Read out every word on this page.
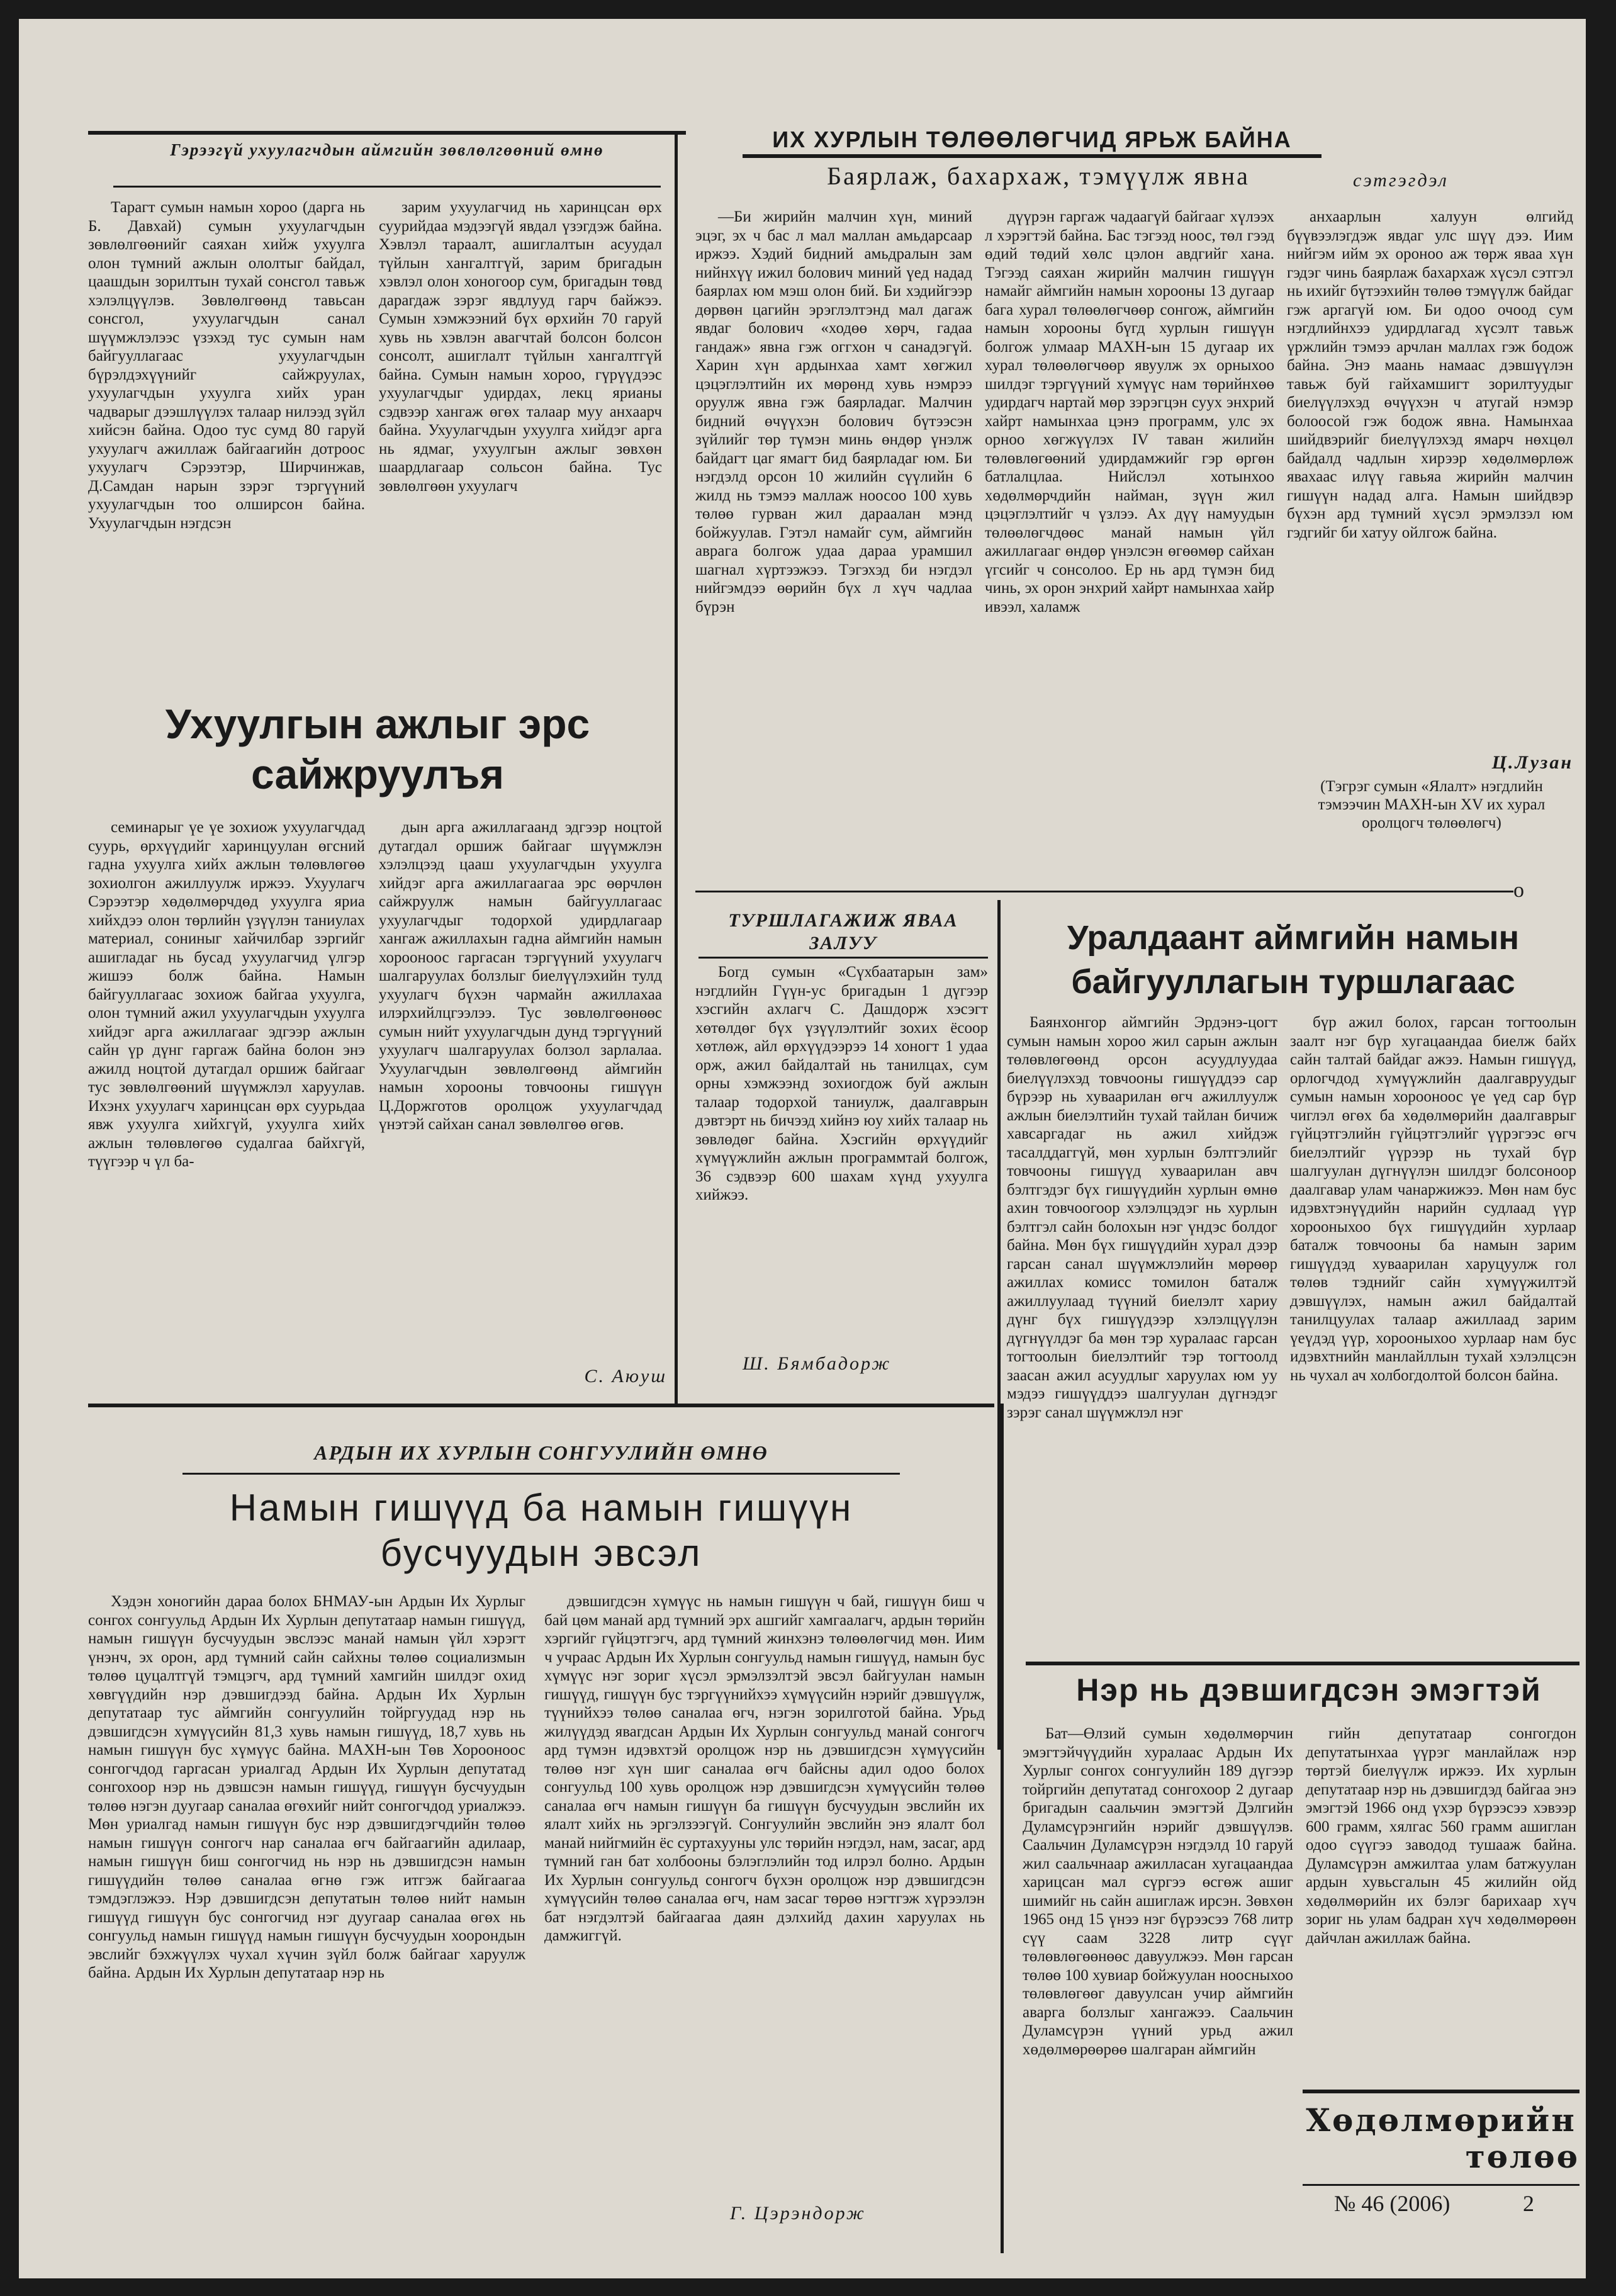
Гэрээгүй ухуулагчдын аймгийн зөвлөлгөөний өмнө

Тарагт сумын намын хороо (дарга нь Б. Давхай) сумын ухуулагчдын зөвлөлгөөнийг саяхан хийж ухуулга олон түмний ажлын ололтыг байдал, цаашдын зорилтын тухай сонсгол тавьж хэлэлцүүлэв. Зөвлөлгөөнд тавьсан сонсгол, ухуулагчдын санал шүүмжлэлээс үзэхэд тус сумын нам байгууллагаас ухуулагчдын бүрэлдэхүүнийг сайжруулах, ухуулагчдын ухуулга хийх уран чадварыг дээшлүүлэх талаар нилээд зүйл хийсэн байна. Одоо тус сумд 80 гаруй ухуулагч ажиллаж байгаагийн дотроос ухуулагч Сэрээтэр, Ширчинжав, Д.Самдан нарын зэрэг тэргүүний ухуулагчдын тоо олширсон байна. Ухуулагчдын нэгдсэн

зарим ухуулагчид нь харинцсан өрх суурийдаа мэдээгүй явдал үзэгдэж байна. Хэвлэл тараалт, ашиглалтын асуудал түйлын хангалтгүй, зарим бригадын хэвлэл олон хоногоор сум, бригадын төвд дарагдаж зэрэг явдлууд гарч байжээ. Сумын хэмжээний бүх өрхийн 70 гаруй хувь нь хэвлэн авагчтай болсон болсон сонсолт, ашиглалт түйлын хангалтгүй байна. Сумын намын хороо, гүрүүдээс ухуулагчдыг удирдах, лекц ярианы сэдвээр хангаж өгөх талаар муу анхаарч байна. Ухуулагчдын ухуулга хийдэг арга нь ядмаг, ухуулгын ажлыг зөвхөн шаардлагаар сольсон байна. Тус зөвлөлгөөн ухуулагч

Ухуулгын ажлыг эрс сайжруулъя

семинарыг үе үе зохиож ухуулагчдад суурь, өрхүүдийг харинцуулан өгсний гадна ухуулга хийх ажлын төлөвлөгөө зохиолгон ажиллуулж иржээ. Ухуулагч Сэрээтэр хөдөлмөрчдөд ухуулга яриа хийхдээ олон төрлийн үзүүлэн таниулах материал, сониныг хайчилбар зэргийг ашигладаг нь бусад ухуулагчид үлгэр жишээ болж байна. Намын байгууллагаас зохиож байгаа ухуулга, олон түмний ажил ухуулагчдын ухуулга хийдэг арга ажиллагааг эдгээр ажлын сайн үр дүнг гаргаж байна болон энэ ажилд ноцтой дутагдал оршиж байгааг тус зөвлөлгөөний шүүмжлэл харуулав. Ихэнх ухуулагч харинцсан өрх суурьдаа явж ухуулга хийхгүй, ухуулга хийх ажлын төлөвлөгөө судалгаа байхгүй, түүгээр ч үл ба-

дын арга ажиллагаанд эдгээр ноцтой дутагдал оршиж байгааг шүүмжлэн хэлэлцээд цааш ухуулагчдын ухуулга хийдэг арга ажиллагаагаа эрс өөрчлөн сайжруулж намын байгууллагаас ухуулагчдыг тодорхой удирдлагаар хангаж ажиллахын гадна аймгийн намын хорооноос гаргасан тэргүүний ухуулагч шалгаруулах болзлыг биелүүлэхийн тулд ухуулагч бүхэн чармайн ажиллахаа илэрхийлцгээлээ. Тус зөвлөлгөөнөөс сумын нийт ухуулагчдын дунд тэргүүний ухуулагч шалгаруулах болзол зарлалаа. Ухуулагчдын зөвлөлгөөнд аймгийн намын хорооны товчооны гишүүн Ц.Доржготов оролцож ухуулагчдад үнэтэй сайхан санал зөвлөлгөө өгөв.

С. Аюуш
ИХ ХУРЛЫН ТӨЛӨӨЛӨГЧИД ЯРЬЖ БАЙНА
Баярлаж, бахархаж, тэмүүлж явна	сэтгэгдэл

—Би жирийн малчин хүн, миний эцэг, эх ч бас л мал маллан амьдарсаар иржээ. Хэдий бидний амьдралын зам нийнхүү ижил болович миний үед надад баярлах юм мэш олон бий. Би хэдийгээр дөрвөн цагийн эрэглэлтэнд мал дагаж явдаг болович «ходөө хөрч, гадаа гандаж» явна гэж оггхон ч санадэгүй. Харин хүн ардынхаа хамт хөгжил цэцэглэлтийн их мөрөнд хувь нэмрээ оруулж явна гэж баярладаг. Малчин бидний өчүүхэн болович бүтээсэн зүйлийг төр түмэн минь өндөр үнэлж байдагт цаг ямагт бид баярладаг юм. Би нэгдэлд орсон 10 жилийн сүүлийн 6 жилд нь тэмээ маллаж ноосоо 100 хувь төлөө гурван жил дараалан мэнд бойжуулав. Гэтэл намайг сум, аймгийн аврага болгож удаа дараа урамшил шагнал хүртээжээ. Тэгэхэд би нэгдэл нийгэмдээ өөрийн бүх л хүч чадлаа бүрэн

дүүрэн гаргаж чадаагүй байгааг хүлээх л хэрэгтэй байна. Бас тэгээд ноос, төл гээд өдий төдий хөлс цэлон авдгийг хана. Тэгээд саяхан жирийн малчин гишүүн намайг аймгийн намын хорооны 13 дугаар бага хурал төлөөлөгчөөр сонгож, аймгийн намын хорооны бүгд хурлын гишүүн болгож улмаар МАХН-ын 15 дугаар их хурал төлөөлөгчөөр явуулж эх орныхоо шилдэг тэргүүний хүмүүс нам төрийнхөө удирдагч нартай мөр зэрэгцэн суух энхрий хайрт намынхаа цэнэ программ, улс эх орноо хөгжүүлэх IV таван жилийн төлөвлөгөөний удирдамжийг гэр өргөн батлалцлаа. Нийслэл хотынхоо хөдөлмөрчдийн найман, зүүн жил цэцэглэлтийг ч үзлээ. Ах дүү намуудын төлөөлөгчдөөс манай намын үйл ажиллагааг өндөр үнэлсэн өгөөмөр сайхан үгсийг ч сонсолоо. Ер нь ард түмэн бид чинь, эх орон энхрий хайрт намынхаа хайр ивээл, халамж

анхаарлын халуун өлгийд бүүвээлэгдэж явдаг улс шүү дээ. Иим нийгэм ийм эх ороноо аж төрж яваа хүн гэдэг чинь баярлаж бахархаж хүсэл сэтгэл нь ихийг бүтээхийн төлөө тэмүүлж байдаг гэж аргагүй юм. Би одоо очоод сум нэгдлийнхээ удирдлагад хүсэлт тавьж үржлийн тэмээ арчлан маллах гэж бодож байна. Энэ маань намаас дэвшүүлэн тавьж буй гайхамшигт зорилтуудыг биелүүлэхэд өчүүхэн ч атугай нэмэр болоосой гэж бодож явна. Намынхаа шийдвэрийг биелүүлэхэд ямарч нөхцөл байдалд чадлын хирээр хөдөлмөрлөж явахаас илүү гавьяа жирийн малчин гишүүн надад алга. Намын шийдвэр бүхэн ард түмний хүсэл эрмэлзэл юм гэдгийг би хатуу ойлгож байна.

Ц.Лузан
(Тэгрэг сумын «Ялалт» нэгдлийн тэмээчин МАХН-ын XV их хурал оролцогч төлөөлөгч)
o
ТУРШЛАГАЖИЖ ЯВАА ЗАЛУУ

Богд сумын «Сүхбаатарын зам» нэгдлийн Гүүн-ус бригадын 1 дүгээр хэсгийн ахлагч С. Дашдорж хэсэгт хөтөлдөг бүх үзүүлэлтийг зохих ёсоор хөтлөж, айл өрхүүдээрээ 14 хоногт 1 удаа орж, ажил байдалтай нь танилцах, сум орны хэмжээнд зохиогдож буй ажлын талаар тодорхой таниулж, даалгаврын дэвтэрт нь бичээд хийнэ юу хийх талаар нь зөвлөдөг байна. Хэсгийн өрхүүдийг хүмүүжлийн ажлын программтай болгож, 36 сэдвээр 600 шахам хүнд ухуулга хийжээ.

Ш. Бямбадорж
Уралдаант аймгийн намын байгууллагын туршлагаас

Баянхонгор аймгийн Эрдэнэ-цогт сумын намын хороо жил сарын ажлын төлөвлөгөөнд орсон асуудлуудаа биелүүлэхэд товчооны гишүүддээ сар бүрээр нь хуваарилан өгч ажиллуулж ажлын биелэлтийн тухай тайлан бичиж хавсаргадаг нь ажил хийдэж тасалддаггүй, мөн хурлын бэлтгэлийг товчооны гишүүд хуваарилан авч бэлтгэдэг бүх гишүүдийн хурлын өмнө ахин товчоогоор хэлэлцэдэг нь хурлын бэлтгэл сайн болохын нэг үндэс болдог байна. Мөн бүх гишүүдийн хурал дээр гарсан санал шүүмжлэлийн мөрөөр ажиллах комисс томилон баталж ажиллуулаад түүний биелэлт хариу дүнг бүх гишүүдээр хэлэлцүүлэн дүгнүүлдэг ба мөн тэр хуралаас гарсан тогтоолын биелэлтийг тэр тогтоолд заасан ажил асуудлыг харуулах юм уу мэдээ гишүүддээ шалгуулан дүгнэдэг зэрэг санал шүүмжлэл нэг

бүр ажил болох, гарсан тогтоолын заалт нэг бүр хугацаандаа биелж байх сайн талтай байдаг ажээ. Намын гишүүд, орлогчдод хүмүүжлийн даалгавруудыг сумын намын хорооноос үе үед сар бүр чиглэл өгөх ба хөдөлмөрийн даалгаврыг гүйцэтгэлийн гүйцэтгэлийг үүрэгээс өгч биелэлтийг үүрээр нь тухай бүр шалгуулан дүгнүүлэн шилдэг болсоноор даалгавар улам чанаржижээ. Мөн нам бус идэвхтэнүүдийн нарийн судлаад үүр хорооныхоо бүх гишүүдийн хурлаар баталж товчооны ба намын зарим гишүүдэд хуваарилан харуцуулж гол төлөв тэднийг сайн хүмүүжилтэй дэвшүүлэх, намын ажил байдалтай танилцуулах талаар ажиллаад зарим үеүдэд үүр, хорооныхоо хурлаар нам бус идэвхтнийн манлайллын тухай хэлэлцсэн нь чухал ач холбогдолтой болсон байна.

АРДЫН ИХ ХУРЛЫН СОНГУУЛИЙН ӨМНӨ
Намын гишүүд ба намын гишүүн бусчуудын эвсэл

Хэдэн хоногийн дараа болох БНМАУ-ын Ардын Их Хурлыг сонгох сонгуульд Ардын Их Хурлын депутатаар намын гишүүд, намын гишүүн бусчуудын эвслээс манай намын үйл хэрэгт үнэнч, эх орон, ард түмний сайн сайхны төлөө социализмын төлөө цуцалтгүй тэмцэгч, ард түмний хамгийн шилдэг охид хөвгүүдийн нэр дэвшигдээд байна. Ардын Их Хурлын депутатаар тус аймгийн сонгуулийн тойргуудад нэр нь дэвшигдсэн хүмүүсийн 81,3 хувь намын гишүүд, 18,7 хувь нь намын гишүүн бус хүмүүс байна. МАХН-ын Төв Хорооноос сонгогчдод гаргасан уриалгад Ардын Их Хурлын депутатад сонгохоор нэр нь дэвшсэн намын гишүүд, гишүүн бусчуудын төлөө нэгэн дуугаар саналаа өгөхийг нийт сонгогчдод уриалжээ. Мөн уриалгад намын гишүүн бус нэр дэвшигдэгчдийн төлөө намын гишүүн сонгогч нар саналаа өгч байгаагийн адилаар, намын гишүүн биш сонгогчид нь нэр нь дэвшигдсэн намын гишүүдийн төлөө саналаа өгнө гэж итгэж байгаагаа тэмдэглэжээ. Нэр дэвшигдсэн депутатын төлөө нийт намын гишүүд гишүүн бус сонгогчид нэг дуугаар саналаа өгөх нь сонгуульд намын гишүүд намын гишүүн бусчуудын хоорондын эвслийг бэхжүүлэх чухал хүчин зүйл болж байгааг харуулж байна. Ардын Их Хурлын депутатаар нэр нь

дэвшигдсэн хүмүүс нь намын гишүүн ч бай, гишүүн биш ч бай цөм манай ард түмний эрх ашгийг хамгаалагч, ардын төрийн хэргийг гүйцэтгэгч, ард түмний жинхэнэ төлөөлөгчид мөн. Иим ч учраас Ардын Их Хурлын сонгуульд намын гишүүд, намын бус хүмүүс нэг зориг хүсэл эрмэлзэлтэй эвсэл байгуулан намын гишүүд, гишүүн бус тэргүүнийхээ хүмүүсийн нэрийг дэвшүүлж, түүнийхээ төлөө саналаа өгч, нэгэн зорилготой байна. Урьд жилүүдэд явагдсан Ардын Их Хурлын сонгуульд манай сонгогч ард түмэн идэвхтэй оролцож нэр нь дэвшигдсэн хүмүүсийн төлөө нэг хүн шиг саналаа өгч байсны адил одоо болох сонгуульд 100 хувь оролцож нэр дэвшигдсэн хүмүүсийн төлөө саналаа өгч намын гишүүн ба гишүүн бусчуудын эвслийн их ялалт хийх нь эргэлзээгүй. Сонгуулийн эвслийн энэ ялалт бол манай нийгмийн ёс суртахууны улс төрийн нэгдэл, нам, засаг, ард түмний ган бат холбооны бэлэглэлийн тод илрэл болно. Ардын Их Хурлын сонгуульд сонгогч бүхэн оролцож нэр дэвшигдсэн хүмүүсийн төлөө саналаа өгч, нам засаг төрөө нэгтгэж хүрээлэн бат нэгдэлтэй байгаагаа даян дэлхийд дахин харуулах нь дамжиггүй.

Г. Цэрэндорж
Нэр нь дэвшигдсэн эмэгтэй

Бат—Өлзий сумын хөдөлмөрчин эмэгтэйчүүдийн хуралаас Ардын Их Хурлыг сонгох сонгуулийн 189 дүгээр тойргийн депутатад сонгохоор 2 дугаар бригадын саальчин эмэгтэй Дэлгийн Дуламсүрэнгийн нэрийг дэвшүүлэв. Саальчин Дуламсүрэн нэгдэлд 10 гаруй жил саальчнаар ажилласан хугацаандаа харицсан мал сүргээ өсгөж ашиг шимийг нь сайн ашиглаж ирсэн. Зөвхөн 1965 онд 15 үнээ нэг бүрээсээ 768 литр сүү саам 3228 литр сүүг төлөвлөгөөнөөс давуулжээ. Мөн гарсан төлөө 100 хувиар бойжуулан ноосныхоо төлөвлөгөөг давуулсан учир аймгийн аварга болзлыг хангажээ. Саальчин Дуламсүрэн үүний урьд ажил хөдөлмөрөөрөө шалгаран аймгийн

гийн депутатаар сонгогдон депутатынхаа үүрэг манлайлаж нэр төртэй биелүүлж иржээ. Их хурлын депутатаар нэр нь дэвшигдэд байгаа энэ эмэгтэй 1966 онд үхэр бүрээсээ хэвээр 600 грамм, хялгас 560 грамм ашиглан одоо сүүгээ заводод тушааж байна. Дуламсүрэн амжилтаа улам батжуулан ардын хувьсгалын 45 жилийн ойд хөдөлмөрийн их бэлэг барихаар хүч зориг нь улам бадран хүч хөдөлмөрөөн дайчлан ажиллаж байна.

Хөдөлмөрийн
төлөө
№ 46 (2006)	2
